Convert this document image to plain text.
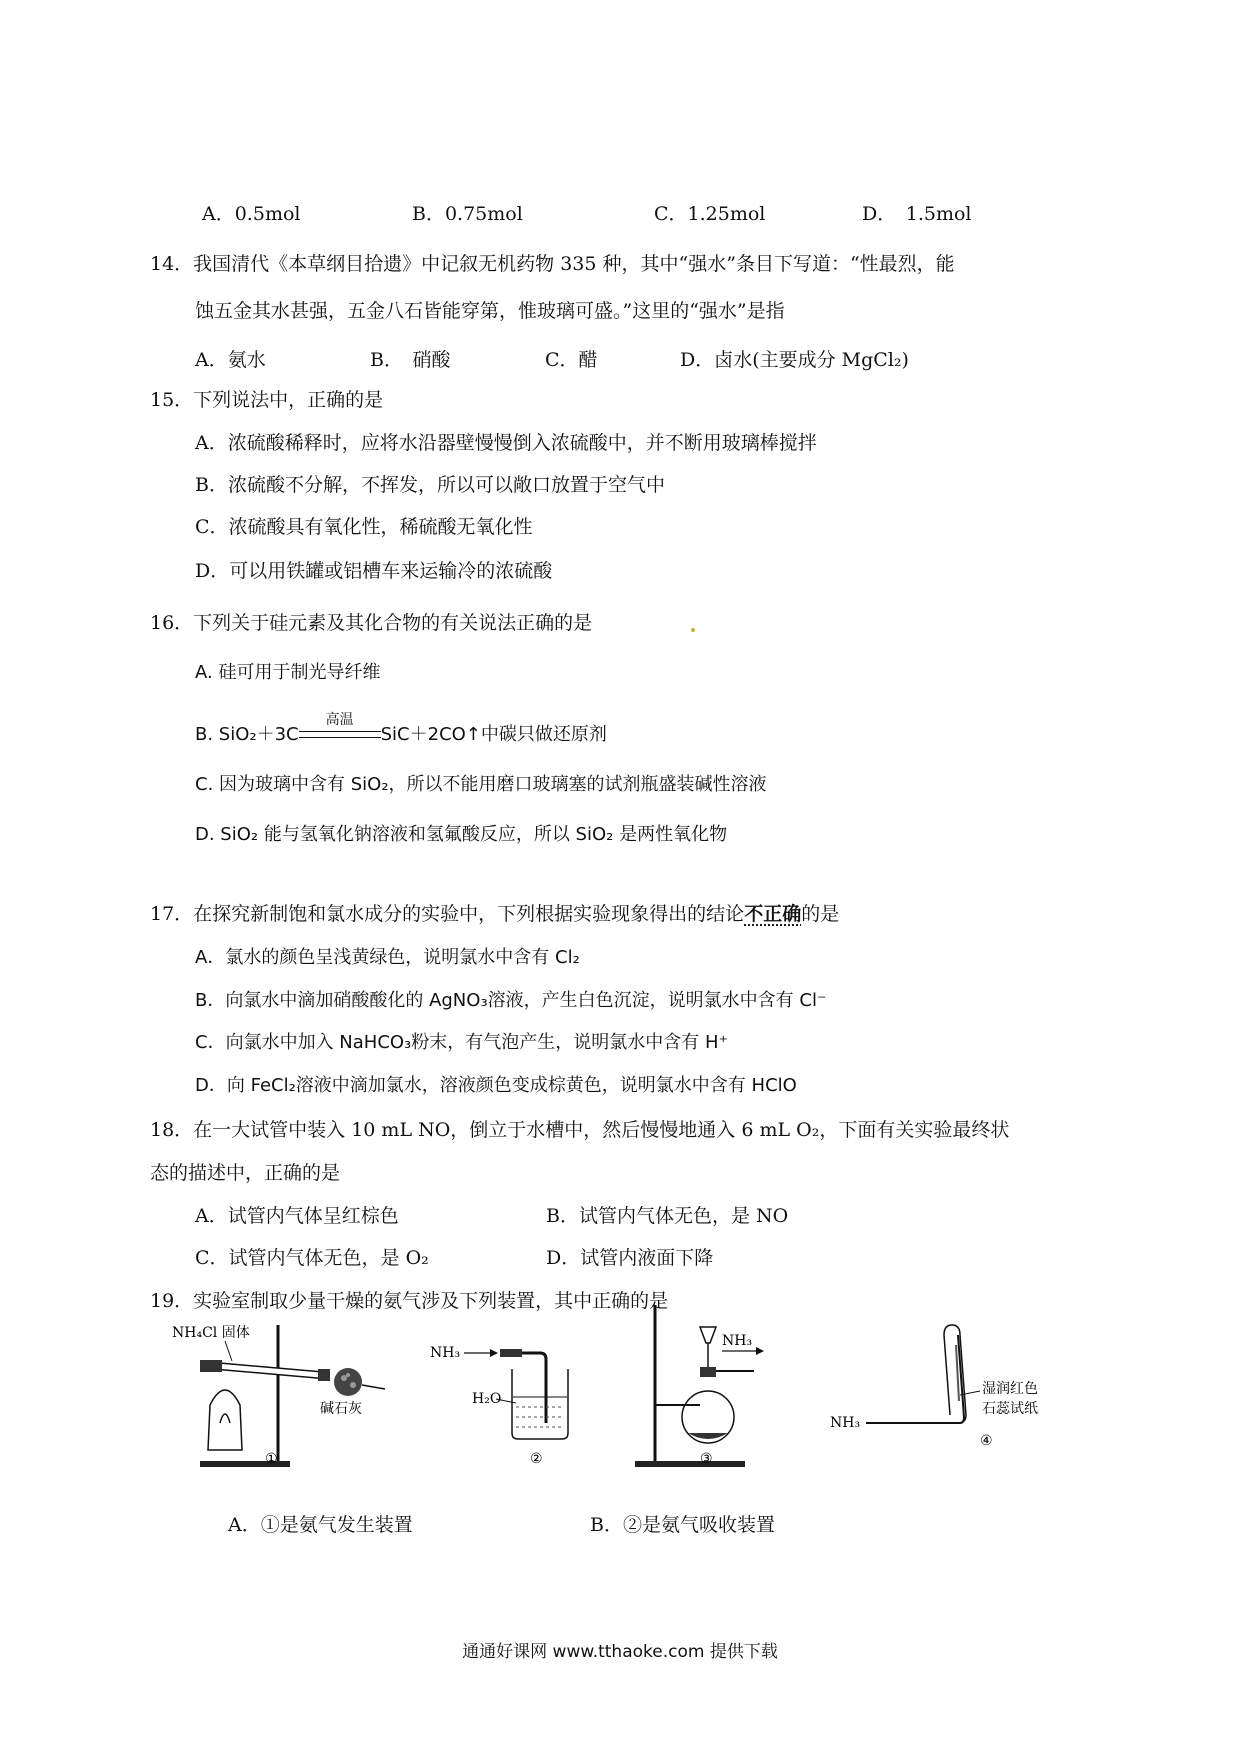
A．0.5mol	B．0.75mol	C．1.25mol	D．　1.5mol
14．我国清代《本草纲目拾遗》中记叙无机药物 335 种，其中“强水”条目下写道：“性最烈，能
蚀五金其水甚强，五金八石皆能穿第，惟玻璃可盛。”这里的“强水”是指
A．氨水	B．　硝酸	C．醋	D．卤水(主要成分 MgCl₂)
15．下列说法中，正确的是
A．浓硫酸稀释时，应将水沿器壁慢慢倒入浓硫酸中，并不断用玻璃棒搅拌
B．浓硫酸不分解，不挥发，所以可以敞口放置于空气中
C．浓硫酸具有氧化性，稀硫酸无氧化性
D．可以用铁罐或铝槽车来运输冷的浓硫酸
16．下列关于硅元素及其化合物的有关说法正确的是
A. 硅可用于制光导纤维
B. SiO₂＋3C
高温
SiC＋2CO↑中碳只做还原剂
C. 因为玻璃中含有 SiO₂，所以不能用磨口玻璃塞的试剂瓶盛装碱性溶液
D. SiO₂ 能与氢氧化钠溶液和氢氟酸反应，所以 SiO₂ 是两性氧化物
17．在探究新制饱和氯水成分的实验中，下列根据实验现象得出的结论不正确的是
A．氯水的颜色呈浅黄绿色，说明氯水中含有 Cl₂
B．向氯水中滴加硝酸酸化的 AgNO₃溶液，产生白色沉淀，说明氯水中含有 Cl⁻
C．向氯水中加入 NaHCO₃粉末，有气泡产生，说明氯水中含有 H⁺
D．向 FeCl₂溶液中滴加氯水，溶液颜色变成棕黄色，说明氯水中含有 HClO
18．在一大试管中装入 10 mL NO，倒立于水槽中，然后慢慢地通入 6 mL O₂，下面有关实验最终状
态的描述中，正确的是
A．试管内气体呈红棕色	B．试管内气体无色，是 NO
C．试管内气体无色，是 O₂	D．试管内液面下降
19．实验室制取少量干燥的氨气涉及下列装置，其中正确的是
NH₄Cl 固体
碱石灰
①
NH₃
H₂O
②
NH₃
③
NH₃
湿润红色
石蕊试纸
④
A．①是氨气发生装置	B．②是氨气吸收装置
通通好课网 www.tthaoke.com 提供下载
